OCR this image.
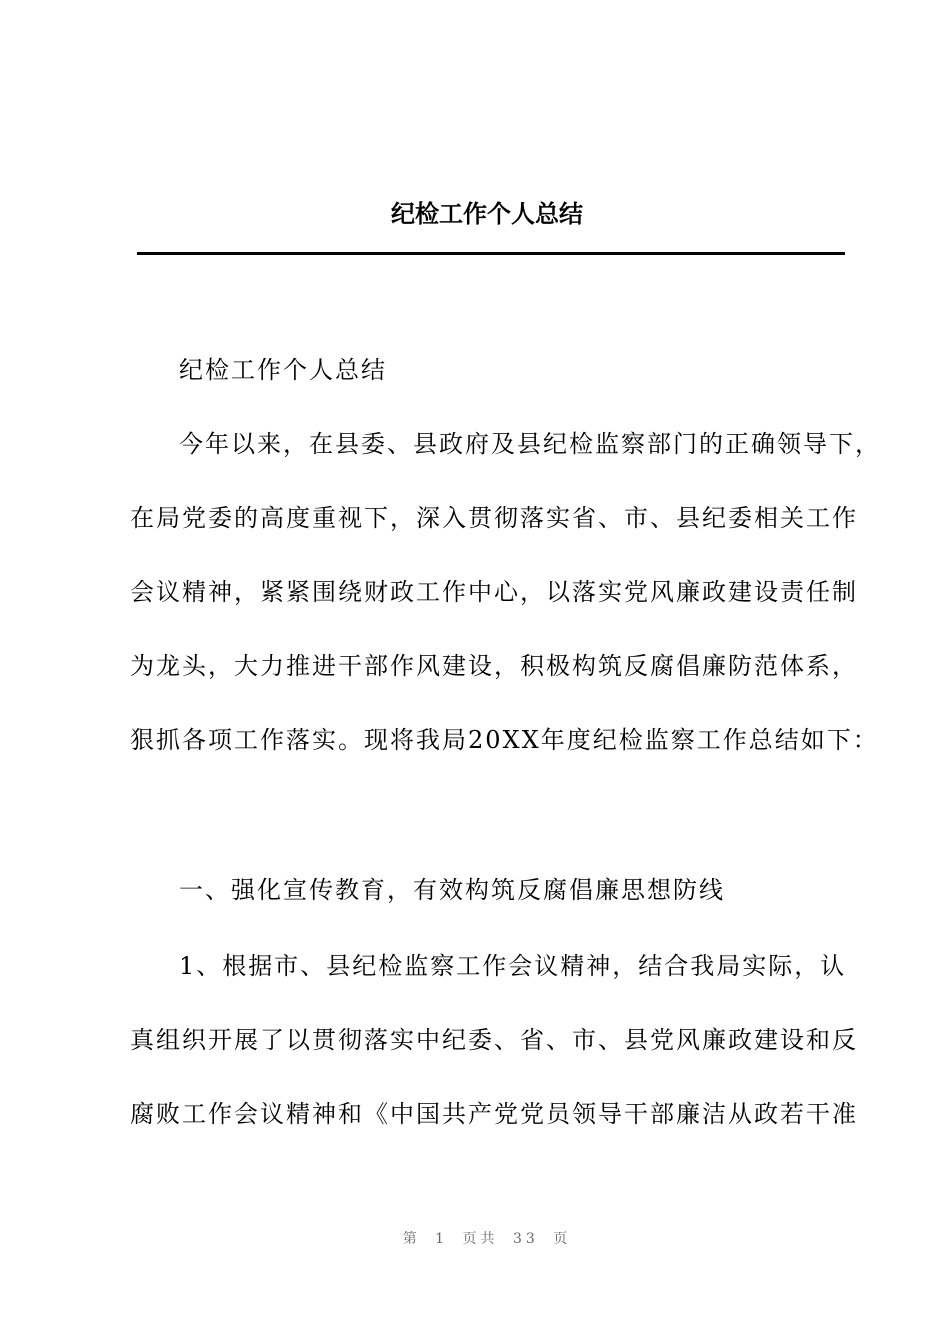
纪检工作个人总结
纪检工作个人总结
今年以来，在县委、县政府及县纪检监察部门的正确领导下，
在局党委的高度重视下，深入贯彻落实省、市、县纪委相关工作
会议精神，紧紧围绕财政工作中心，以落实党风廉政建设责任制
为龙头，大力推进干部作风建设，积极构筑反腐倡廉防范体系，
狠抓各项工作落实。现将我局20XX年度纪检监察工作总结如下：
一、强化宣传教育，有效构筑反腐倡廉思想防线
1、根据市、县纪检监察工作会议精神，结合我局实际，认
真组织开展了以贯彻落实中纪委、省、市、县党风廉政建设和反
腐败工作会议精神和《中国共产党党员领导干部廉洁从政若干准
第 1 页共 33 页
